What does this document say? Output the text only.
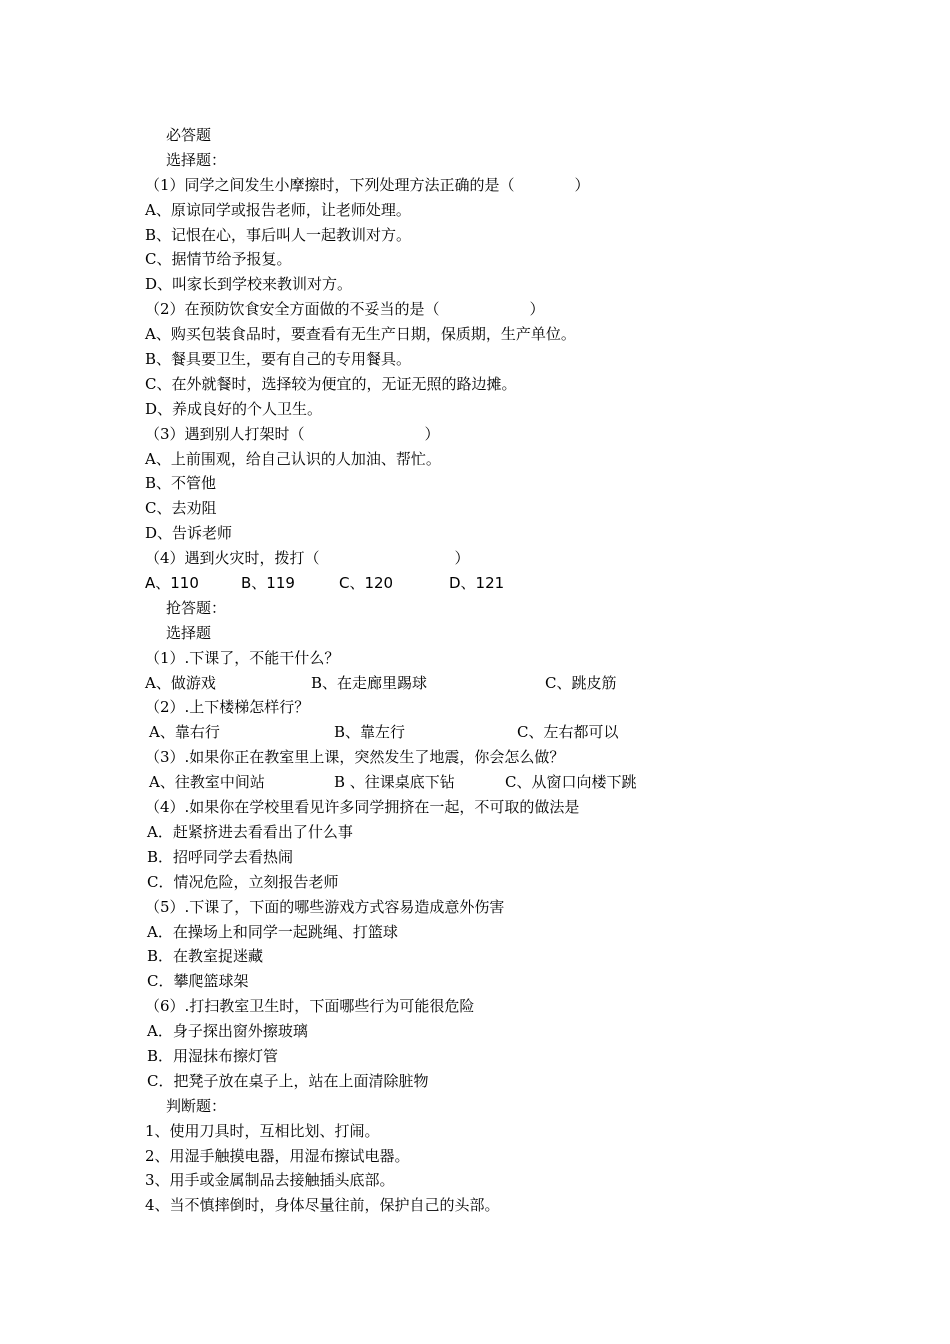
必答题
选择题：
（1）同学之间发生小摩擦时，下列处理方法正确的是（　　　　）
A、原谅同学或报告老师，让老师处理。
B、记恨在心，事后叫人一起教训对方。
C、据情节给予报复。
D、叫家长到学校来教训对方。
（2）在预防饮食安全方面做的不妥当的是（　　　　　　）
A、购买包装食品时，要查看有无生产日期，保质期，生产单位。
B、餐具要卫生，要有自己的专用餐具。
C、在外就餐时，选择较为便宜的，无证无照的路边摊。
D、养成良好的个人卫生。
（3）遇到别人打架时（　　　　　　　　）
A、上前围观，给自己认识的人加油、帮忙。
B、不管他
C、去劝阻
D、告诉老师
（4）遇到火灾时，拨打（　　　　　　　　　）

A、110

	B、119

	C、120

	D、121

抢答题：
选择题
（1）.下课了，不能干什么？

A、做游戏

	B、在走廊里踢球

	C、跳皮筋

（2）.上下楼梯怎样行？

A、靠右行

	B、靠左行

	C、左右都可以

（3）.如果你正在教室里上课，突然发生了地震，你会怎么做？

A、往教室中间站

	B 、往课桌底下钻

	C、从窗口向楼下跳

（4）.如果你在学校里看见许多同学拥挤在一起，不可取的做法是
A．赶紧挤进去看看出了什么事
B．招呼同学去看热闹
C．情况危险，立刻报告老师
（5）.下课了，下面的哪些游戏方式容易造成意外伤害
A．在操场上和同学一起跳绳、打篮球
B．在教室捉迷藏
C．攀爬篮球架
（6）.打扫教室卫生时，下面哪些行为可能很危险
A．身子探出窗外擦玻璃
B．用湿抹布擦灯管
C．把凳子放在桌子上，站在上面清除脏物
判断题：
1、使用刀具时，互相比划、打闹。
2、用湿手触摸电器，用湿布擦试电器。
3、用手或金属制品去接触插头底部。
4、当不慎摔倒时，身体尽量往前，保护自己的头部。
